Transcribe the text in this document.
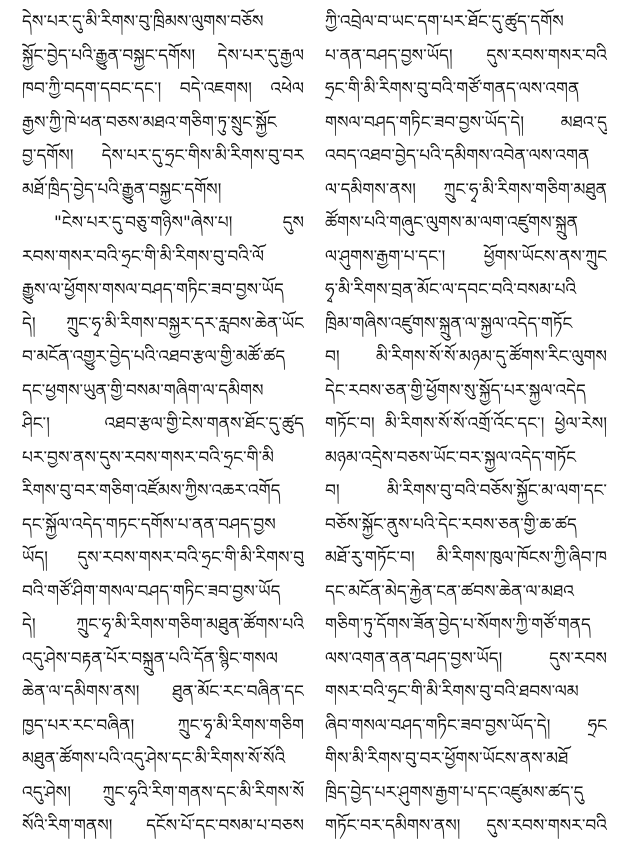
དེས་པར་དུ་མི་རིགས་བུ་ཁྲིམས་ལུགས་བཅོས
སྐྱོང་བྱེད་པའི་རྒྱུན་བསྐྱང་དགོས། དེས་པར་དུ་རྒྱལ
ཁབ་ཀྱི་བདག་དབང་དང་། བདེ་འཇགས། འཕེལ
རྒྱས་ཀྱི་ཁེ་ཕན་བཅས་མཐའ་གཅིག་ཏུ་སྲུང་སྐྱོང
བྱ་དགོས། དེས་པར་དུ་ཧྲང་གིས་མི་རིགས་བུ་བར
མཐོ་ཁྲིད་བྱེད་པའི་རྒྱུན་བསྐྱང་དགོས།
"ངེས་པར་དུ་བཅུ་གཉིས"ཞེས་པ། དུས
རབས་གསར་བའི་ཧྲང་གི་མི་རིགས་བུ་བའི་ལོ
རྒྱུས་ལ་ཕྱོགས་གསལ་བཤད་གཏིང་ཟབ་བྱས་ཡོད
དེ། ཀྲུང་ཧྭ་མི་རིགས་བསྐྱར་དར་རླབས་ཆེན་ཡོང
བ་མངོན་འགྱུར་བྱེད་པའི་འཐབ་རྩལ་གྱི་མཚོ་ཚད
དང་ཕྱགས་ཡུན་གྱི་བསམ་གཞིག་ལ་དམིགས
ཤིང་། འཐབ་རྩལ་གྱི་ངེས་གནས་ཐོང་དུ་ཚུད
པར་བྱས་ནས་དུས་རབས་གསར་བའི་ཧྲང་གི་མི
རིགས་བུ་བར་གཅིག་འཛོམས་ཀྱིས་འཆར་འགོད
དང་སྐྱོལ་འདེད་གཏང་དགོས་པ་ནན་བཤད་བྱས
ཡོད། དུས་རབས་གསར་བའི་ཧྲང་གི་མི་རིགས་བུ
བའི་གཙོ་ཤིག་གསལ་བཤད་གཏིང་ཟབ་བྱས་ཡོད
དེ། ཀྲུང་ཧྭ་མི་རིགས་གཅིག་མཐུན་ཚོགས་པའི
འདུ་ཤེས་བརྟན་པོར་བསྐྲུན་པའི་དོན་སྙིང་གསལ
ཆེན་ལ་དམིགས་ནས། ཐུན་མོང་རང་བཞིན་དང
ཁྱད་པར་རང་བཞིན། ཀྲུང་ཧྭ་མི་རིགས་གཅིག
མཐུན་ཚོགས་པའི་འདུ་ཤེས་དང་མི་རིགས་སོ་སོའི
འདུ་ཤེས། ཀྲུང་ཧྭའི་རིག་གནས་དང་མི་རིགས་སོ
སོའི་རིག་གནས། དངོས་པོ་དང་བསམ་པ་བཅས
ཀྱི་འབྲེལ་བ་ཡང་དག་པར་ཐོང་དུ་ཚུད་དགོས
པ་ནན་བཤད་བྱས་ཡོད། དུས་རབས་གསར་བའི
ཧྲང་གི་མི་རིགས་བུ་བའི་གཙོ་གནད་ལས་འགན
གསལ་བཤད་གཏིང་ཟབ་བྱས་ཡོད་དེ། མཐའ་དུ
འབད་འཐབ་བྱེད་པའི་དམིགས་འབེན་ལས་འགན
ལ་དམིགས་ནས། ཀྲུང་ཧྭ་མི་རིགས་གཅིག་མཐུན
ཚོགས་པའི་གཞུང་ལུགས་མ་ལག་འཛུགས་སྐྲུན
ལ་ཤུགས་རྒྱག་པ་དང་། ཕྱོགས་ཡོངས་ནས་ཀྲུང
ཧྭ་མི་རིགས་བྲན་མོང་ལ་དབང་བའི་བསམ་པའི
ཁྲིམ་གཞིས་འཛུགས་སྐྲུན་ལ་སྐྱལ་འདེད་གཏོང
བ། མི་རིགས་སོ་སོ་མཉམ་དུ་ཚོགས་རིང་ལུགས
དེང་རབས་ཅན་གྱི་ཕྱོགས་སུ་སྐྱོད་པར་སྐྱལ་འདེད
གཏོང་བ། མི་རིགས་སོ་སོ་འགྲོ་འོང་དང་། ཕྱེལ་རེས།
མཉམ་འདྲེས་བཅས་ཡོང་བར་སྐྱལ་འདེད་གཏོང
བ། མི་རིགས་བུ་བའི་བཅོས་སྐྱོང་མ་ལག་དང་
བཅོས་སྐྱོང་ནུས་པའི་དེང་རབས་ཅན་གྱི་ཆ་ཚད
མཐོ་རུ་གཏོང་བ། མི་རིགས་ཁུལ་ཁོངས་ཀྱི་ཞིབ་ཁ
དང་མངོན་མེད་རྐྱེན་ངན་ཚབས་ཆེན་ལ་མཐའ
གཅིག་ཏུ་དོགས་ཟོན་བྱེད་པ་སོགས་ཀྱི་གཙོ་གནད
ལས་འགན་ནན་བཤད་བྱས་ཡོད། དུས་རབས
གསར་བའི་ཧྲང་གི་མི་རིགས་བུ་བའི་ཐབས་ལམ
ཞིབ་གསལ་བཤད་གཏིང་ཟབ་བྱས་ཡོད་དེ། ཧྲང
གིས་མི་རིགས་བུ་བར་ཕྱོགས་ཡོངས་ནས་མཐོ
ཁྲིད་བྱེད་པར་ཤུགས་རྒྱག་པ་དང་འཛུམས་ཚད་དུ
གཏོང་བར་དམིགས་ནས། དུས་རབས་གསར་བའི
